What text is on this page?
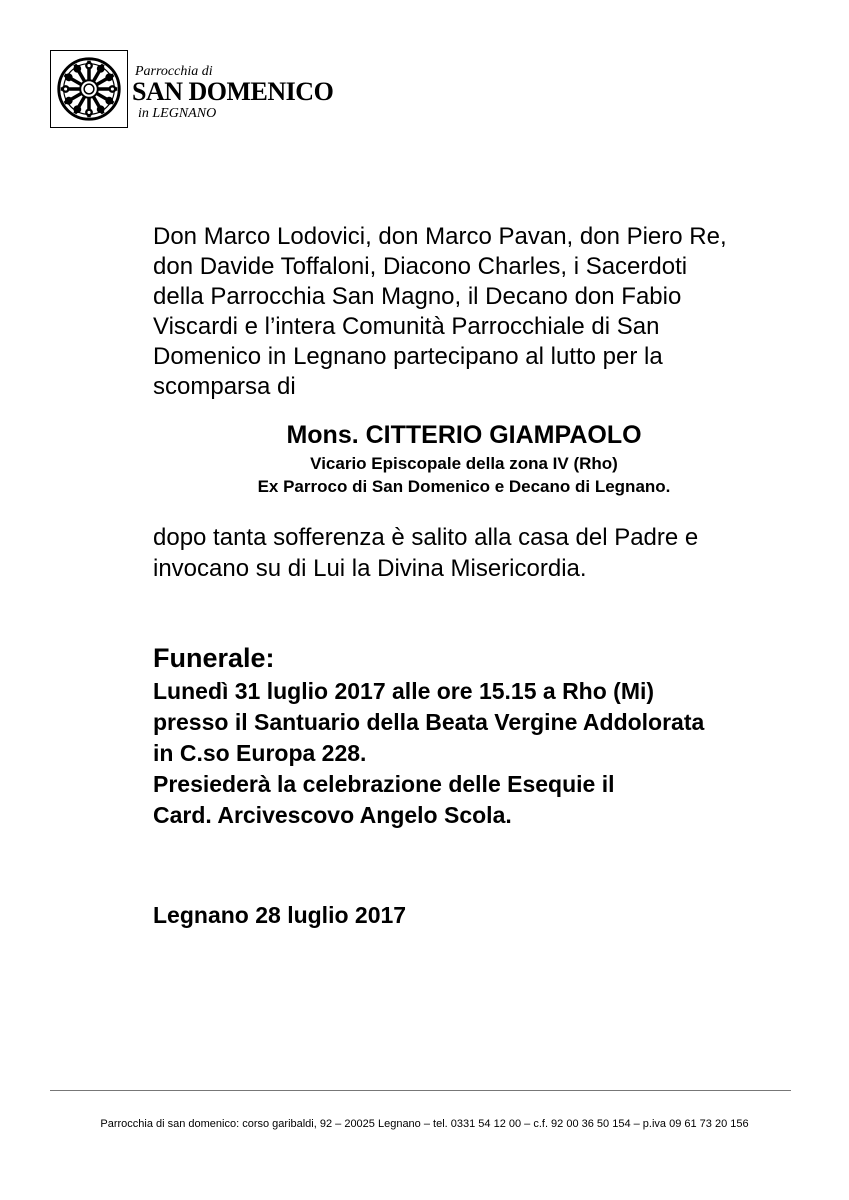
Parrocchia di
SAN DOMENICO
in LEGNANO

Don Marco Lodovici, don Marco Pavan, don Piero Re,
don Davide Toffaloni, Diacono Charles, i Sacerdoti
della Parrocchia San Magno, il Decano don Fabio
Viscardi e l’intera Comunità Parrocchiale di San
Domenico in Legnano partecipano al lutto per la
scomparsa di

Mons. CITTERIO GIAMPAOLO
Vicario Episcopale della zona IV (Rho)
Ex Parroco di San Domenico e Decano di Legnano.

dopo tanta sofferenza è salito alla casa del Padre e
invocano su di Lui la Divina Misericordia.

Funerale:
Lunedì 31 luglio 2017 alle ore 15.15 a Rho (Mi)
presso il Santuario della Beata Vergine Addolorata
in C.so Europa 228.
Presiederà la celebrazione delle Esequie il
Card. Arcivescovo Angelo Scola.
Legnano 28 luglio 2017
Parrocchia di san domenico: corso garibaldi, 92 – 20025 Legnano – tel. 0331 54 12 00 – c.f. 92 00 36 50 154 – p.iva 09 61 73 20 156
